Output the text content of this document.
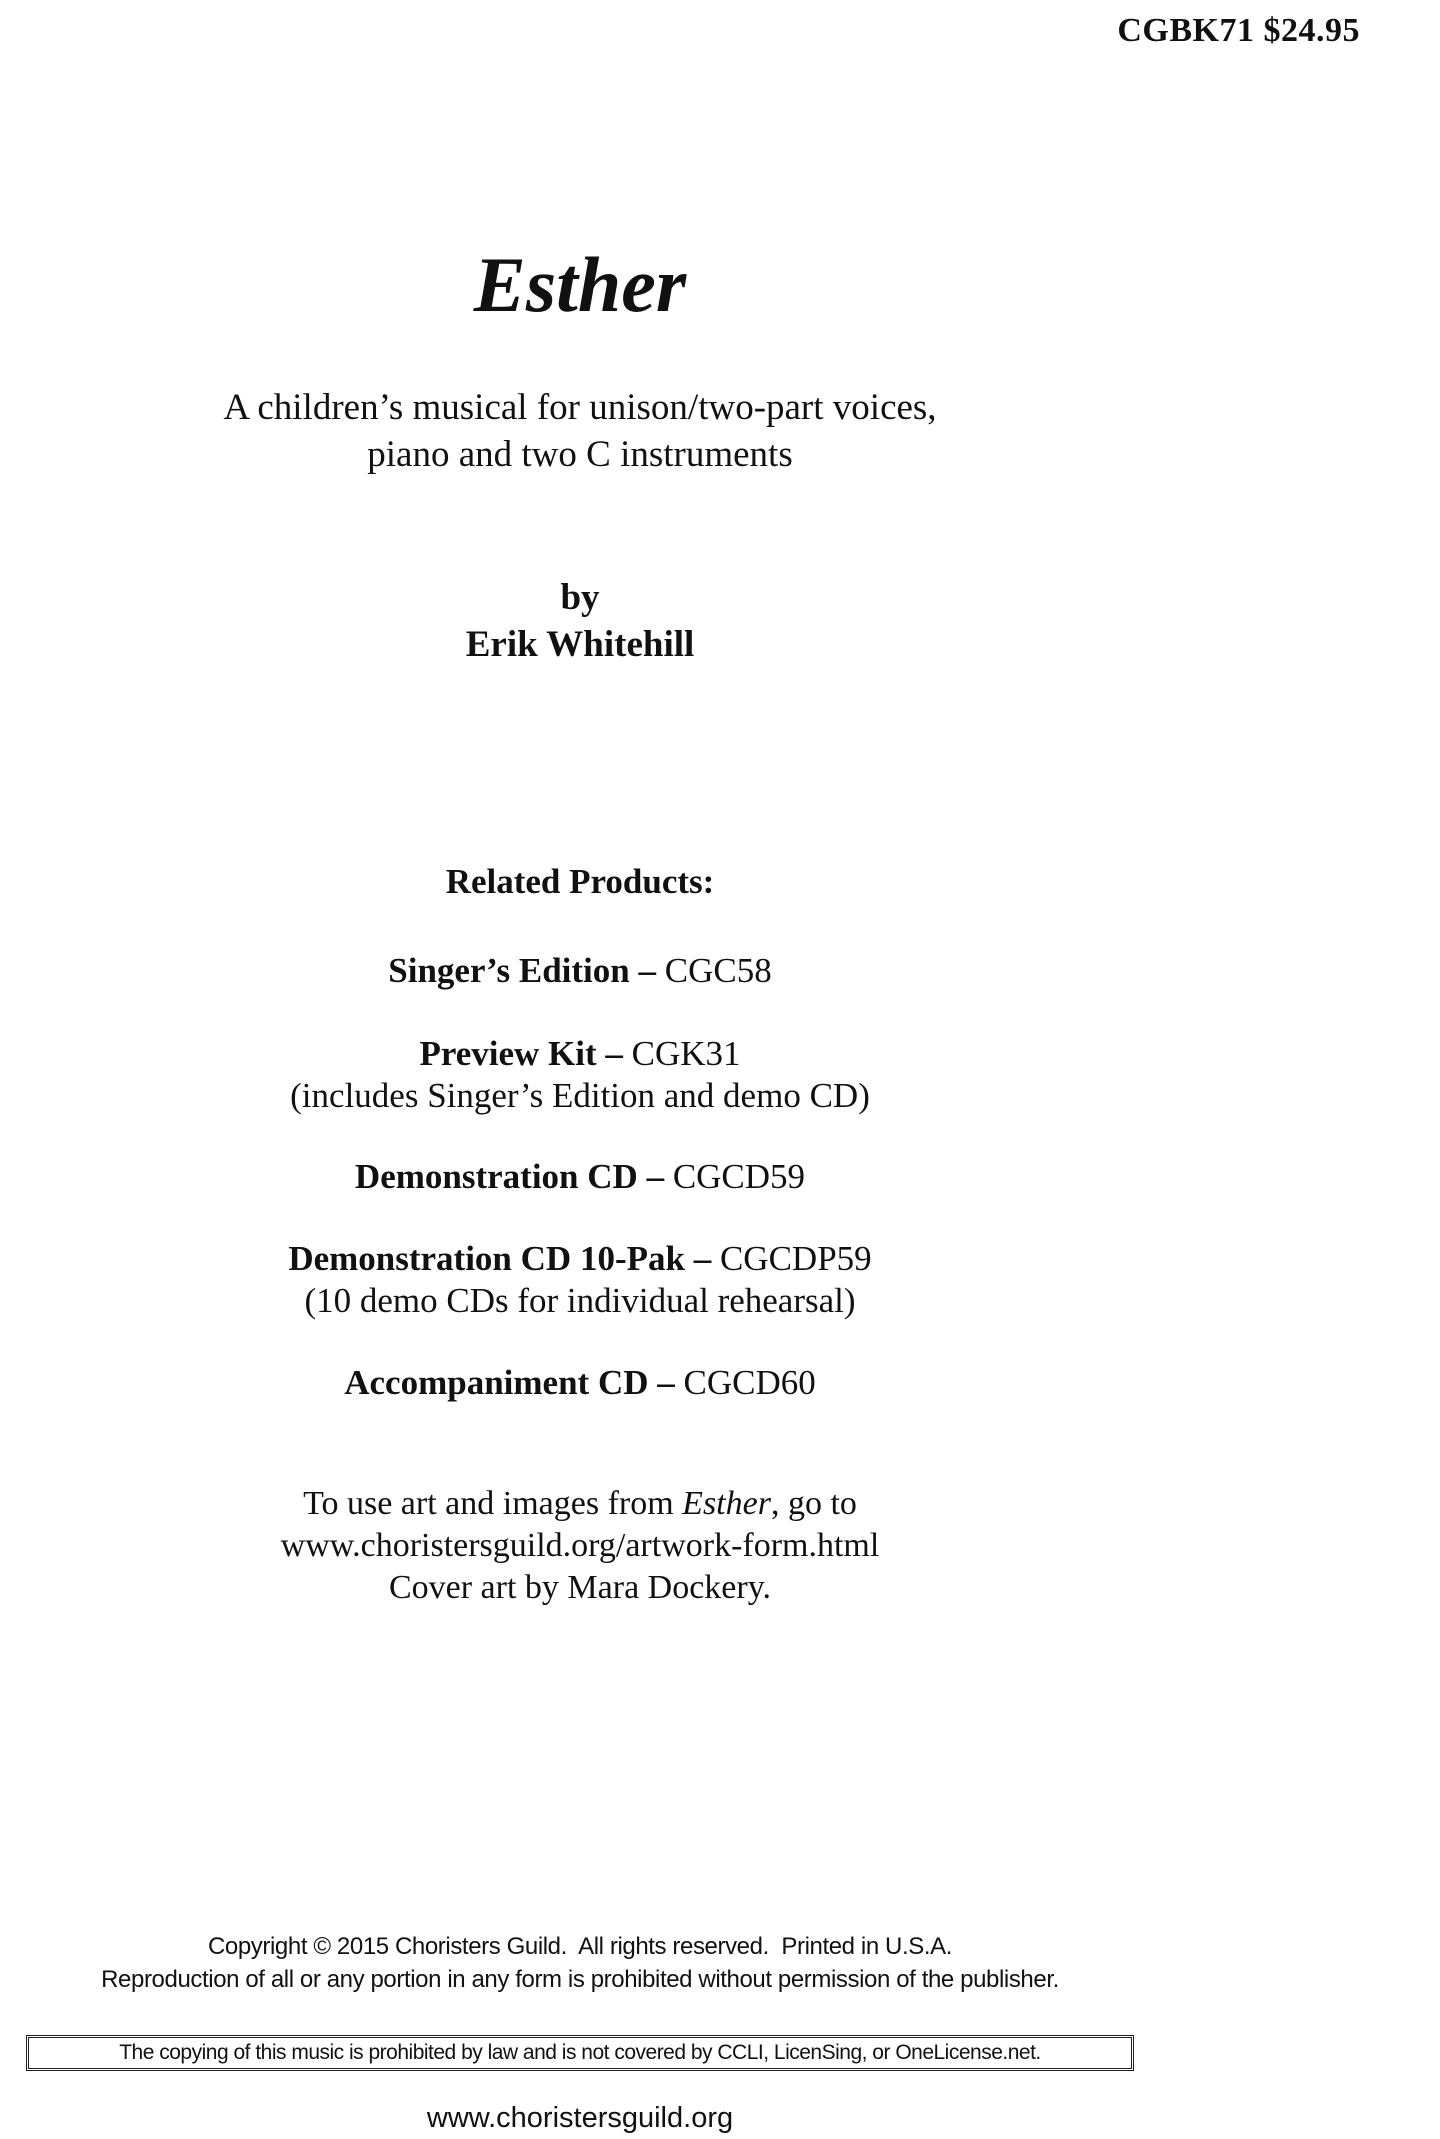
CGBK71 $24.95
Esther
A children’s musical for unison/two-part voices,
piano and two C instruments
by
Erik Whitehill
Related Products:
Singer’s Edition – CGC58
Preview Kit – CGK31
(includes Singer’s Edition and demo CD)
Demonstration CD – CGCD59
Demonstration CD 10-Pak – CGCDP59
(10 demo CDs for individual rehearsal)
Accompaniment CD – CGCD60
To use art and images from Esther, go to
www.choristersguild.org/artwork-form.html
Cover art by Mara Dockery.
Copyright © 2015 Choristers Guild.  All rights reserved.  Printed in U.S.A.
Reproduction of all or any portion in any form is prohibited without permission of the publisher.
The copying of this music is prohibited by law and is not covered by CCLI, LicenSing, or OneLicense.net.
www.choristersguild.org
